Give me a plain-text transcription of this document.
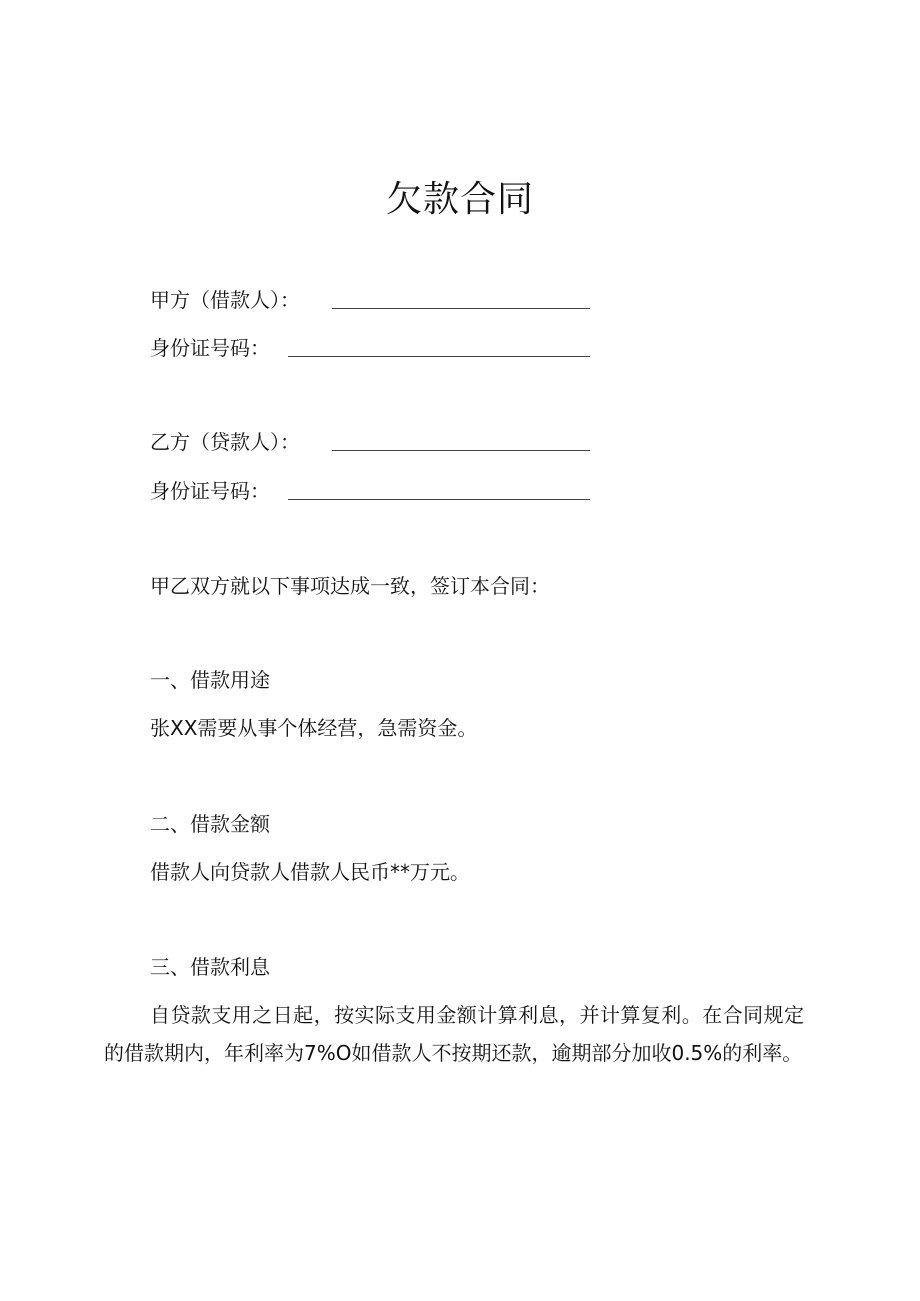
欠款合同
甲方（借款人）：
身份证号码：
乙方（贷款人）：
身份证号码：
甲乙双方就以下事项达成一致，签订本合同：
一、借款用途
张XX需要从事个体经营，急需资金。
二、借款金额
借款人向贷款人借款人民币**万元。
三、借款利息
自贷款支用之日起，按实际支用金额计算利息，并计算复利。在合同规定的借款期内，年利率为7%O如借款人不按期还款，逾期部分加收0.5%的利率。
